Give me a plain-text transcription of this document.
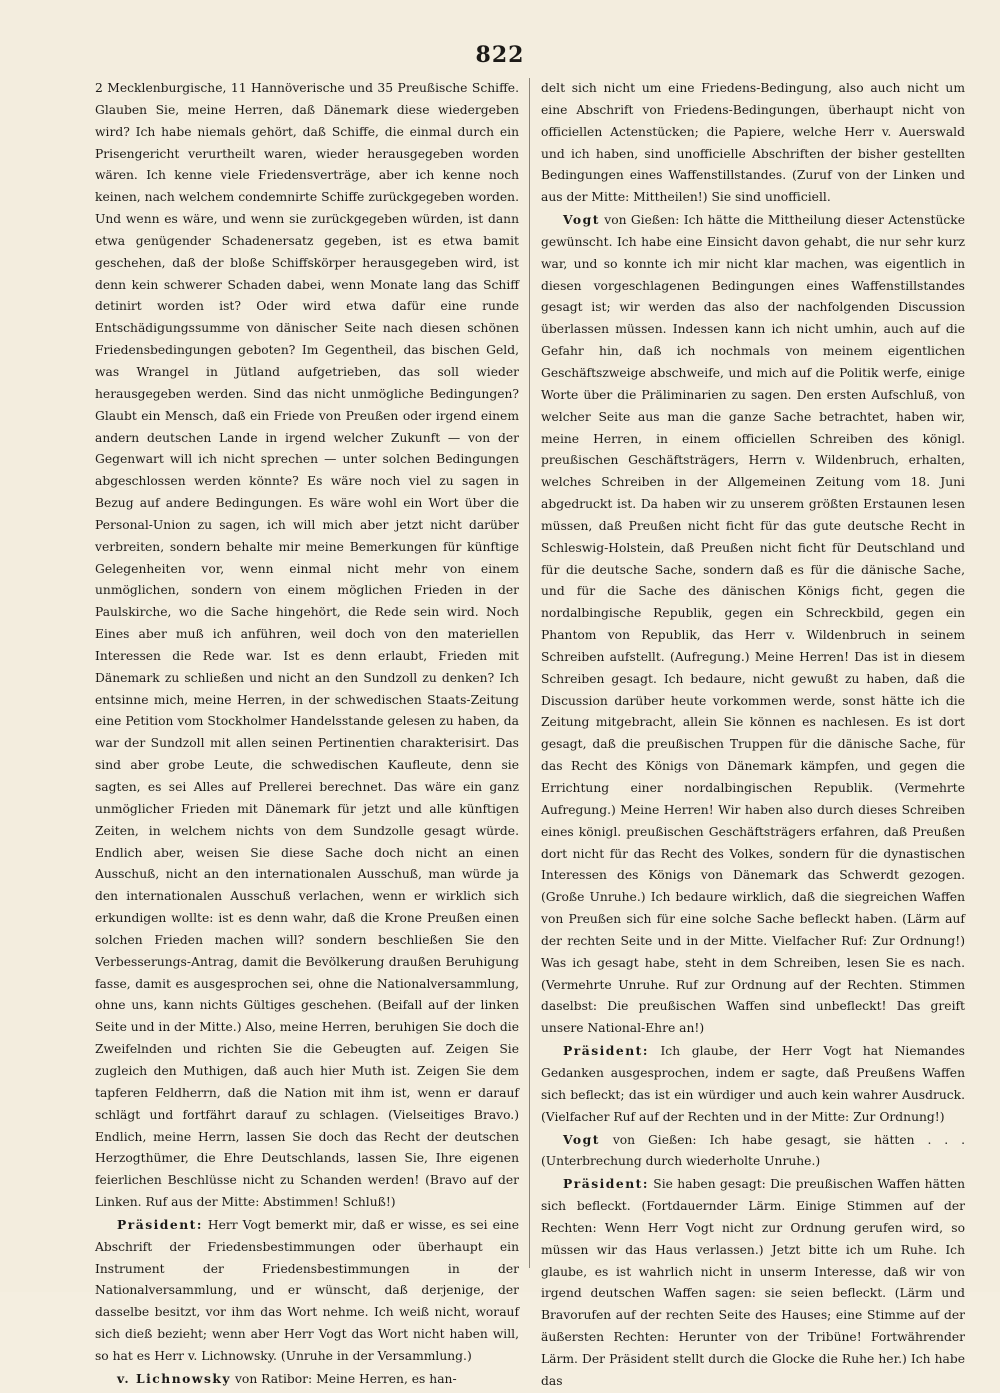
822

2 Mecklenburgische, 11 Hannöverische und 35 Preußische Schiffe. Glauben Sie, meine Herren, daß Dänemark diese wiedergeben wird? Ich habe niemals gehört, daß Schiffe, die einmal durch ein Prisengericht verurtheilt waren, wieder herausgegeben worden wären. Ich kenne viele Friedensverträge, aber ich kenne noch keinen, nach welchem condemnirte Schiffe zurückgegeben worden. Und wenn es wäre, und wenn sie zurückgegeben würden, ist dann etwa genügender Schadenersatz gegeben, ist es etwa bamit geschehen, daß der bloße Schiffskörper herausgegeben wird, ist denn kein schwerer Schaden dabei, wenn Monate lang das Schiff detinirt worden ist? Oder wird etwa dafür eine runde Entschädigungssumme von dänischer Seite nach diesen schönen Friedensbedingungen geboten? Im Gegentheil, das bischen Geld, was Wrangel in Jütland aufgetrieben, das soll wieder herausgegeben werden. Sind das nicht unmögliche Bedingungen? Glaubt ein Mensch, daß ein Friede von Preußen oder irgend einem andern deutschen Lande in irgend welcher Zukunft — von der Gegenwart will ich nicht sprechen — unter solchen Bedingungen abgeschlossen werden könnte? Es wäre noch viel zu sagen in Bezug auf andere Bedingungen. Es wäre wohl ein Wort über die Personal-Union zu sagen, ich will mich aber jetzt nicht darüber verbreiten, sondern behalte mir meine Bemerkungen für künftige Gelegenheiten vor, wenn einmal nicht mehr von einem unmöglichen, sondern von einem möglichen Frieden in der Paulskirche, wo die Sache hingehört, die Rede sein wird. Noch Eines aber muß ich anführen, weil doch von den materiellen Interessen die Rede war. Ist es denn erlaubt, Frieden mit Dänemark zu schließen und nicht an den Sundzoll zu denken? Ich entsinne mich, meine Herren, in der schwedischen Staats-Zeitung eine Petition vom Stockholmer Handelsstande gelesen zu haben, da war der Sundzoll mit allen seinen Pertinentien charakterisirt. Das sind aber grobe Leute, die schwedischen Kaufleute, denn sie sagten, es sei Alles auf Prellerei berechnet. Das wäre ein ganz unmöglicher Frieden mit Dänemark für jetzt und alle künftigen Zeiten, in welchem nichts von dem Sundzolle gesagt würde. Endlich aber, weisen Sie diese Sache doch nicht an einen Ausschuß, nicht an den internationalen Ausschuß, man würde ja den internationalen Ausschuß verlachen, wenn er wirklich sich erkundigen wollte: ist es denn wahr, daß die Krone Preußen einen solchen Frieden machen will? sondern beschließen Sie den Verbesserungs-Antrag, damit die Bevölkerung draußen Beruhigung fasse, damit es ausgesprochen sei, ohne die Nationalversammlung, ohne uns, kann nichts Gültiges geschehen. (Beifall auf der linken Seite und in der Mitte.) Also, meine Herren, beruhigen Sie doch die Zweifelnden und richten Sie die Gebeugten auf. Zeigen Sie zugleich den Muthigen, daß auch hier Muth ist. Zeigen Sie dem tapferen Feldherrn, daß die Nation mit ihm ist, wenn er darauf schlägt und fortfährt darauf zu schlagen. (Vielseitiges Bravo.) Endlich, meine Herrn, lassen Sie doch das Recht der deutschen Herzogthümer, die Ehre Deutschlands, lassen Sie, Ihre eigenen feierlichen Beschlüsse nicht zu Schanden werden! (Bravo auf der Linken. Ruf aus der Mitte: Abstimmen! Schluß!)

Präsident: Herr Vogt bemerkt mir, daß er wisse, es sei eine Abschrift der Friedensbestimmungen oder überhaupt ein Instrument der Friedensbestimmungen in der Nationalversammlung, und er wünscht, daß derjenige, der dasselbe besitzt, vor ihm das Wort nehme. Ich weiß nicht, worauf sich dieß bezieht; wenn aber Herr Vogt das Wort nicht haben will, so hat es Herr v. Lichnowsky. (Unruhe in der Versammlung.)

v. Lichnowsky von Ratibor: Meine Herren, es han-

delt sich nicht um eine Friedens-Bedingung, also auch nicht um eine Abschrift von Friedens-Bedingungen, überhaupt nicht von officiellen Actenstücken; die Papiere, welche Herr v. Auerswald und ich haben, sind unofficielle Abschriften der bisher gestellten Bedingungen eines Waffenstillstandes. (Zuruf von der Linken und aus der Mitte: Mittheilen!) Sie sind unofficiell.

Vogt von Gießen: Ich hätte die Mittheilung dieser Actenstücke gewünscht. Ich habe eine Einsicht davon gehabt, die nur sehr kurz war, und so konnte ich mir nicht klar machen, was eigentlich in diesen vorgeschlagenen Bedingungen eines Waffenstillstandes gesagt ist; wir werden das also der nachfolgenden Discussion überlassen müssen. Indessen kann ich nicht umhin, auch auf die Gefahr hin, daß ich nochmals von meinem eigentlichen Geschäftszweige abschweife, und mich auf die Politik werfe, einige Worte über die Präliminarien zu sagen. Den ersten Aufschluß, von welcher Seite aus man die ganze Sache betrachtet, haben wir, meine Herren, in einem officiellen Schreiben des königl. preußischen Geschäftsträgers, Herrn v. Wildenbruch, erhalten, welches Schreiben in der Allgemeinen Zeitung vom 18. Juni abgedruckt ist. Da haben wir zu unserem größten Erstaunen lesen müssen, daß Preußen nicht ficht für das gute deutsche Recht in Schleswig-Holstein, daß Preußen nicht ficht für Deutschland und für die deutsche Sache, sondern daß es für die dänische Sache, und für die Sache des dänischen Königs ficht, gegen die nordalbingische Republik, gegen ein Schreckbild, gegen ein Phantom von Republik, das Herr v. Wildenbruch in seinem Schreiben aufstellt. (Aufregung.) Meine Herren! Das ist in diesem Schreiben gesagt. Ich bedaure, nicht gewußt zu haben, daß die Discussion darüber heute vorkommen werde, sonst hätte ich die Zeitung mitgebracht, allein Sie können es nachlesen. Es ist dort gesagt, daß die preußischen Truppen für die dänische Sache, für das Recht des Königs von Dänemark kämpfen, und gegen die Errichtung einer nordalbingischen Republik. (Vermehrte Aufregung.) Meine Herren! Wir haben also durch dieses Schreiben eines königl. preußischen Geschäftsträgers erfahren, daß Preußen dort nicht für das Recht des Volkes, sondern für die dynastischen Interessen des Königs von Dänemark das Schwerdt gezogen. (Große Unruhe.) Ich bedaure wirklich, daß die siegreichen Waffen von Preußen sich für eine solche Sache befleckt haben. (Lärm auf der rechten Seite und in der Mitte. Vielfacher Ruf: Zur Ordnung!) Was ich gesagt habe, steht in dem Schreiben, lesen Sie es nach. (Vermehrte Unruhe. Ruf zur Ordnung auf der Rechten. Stimmen daselbst: Die preußischen Waffen sind unbefleckt! Das greift unsere National-Ehre an!)

Präsident: Ich glaube, der Herr Vogt hat Niemandes Gedanken ausgesprochen, indem er sagte, daß Preußens Waffen sich befleckt; das ist ein würdiger und auch kein wahrer Ausdruck. (Vielfacher Ruf auf der Rechten und in der Mitte: Zur Ordnung!)

Vogt von Gießen: Ich habe gesagt, sie hätten . . . (Unterbrechung durch wiederholte Unruhe.)

Präsident: Sie haben gesagt: Die preußischen Waffen hätten sich befleckt. (Fortdauernder Lärm. Einige Stimmen auf der Rechten: Wenn Herr Vogt nicht zur Ordnung gerufen wird, so müssen wir das Haus verlassen.) Jetzt bitte ich um Ruhe. Ich glaube, es ist wahrlich nicht in unserm Interesse, daß wir von irgend deutschen Waffen sagen: sie seien befleckt. (Lärm und Bravorufen auf der rechten Seite des Hauses; eine Stimme auf der äußersten Rechten: Herunter von der Tribüne! Fortwährender Lärm. Der Präsident stellt durch die Glocke die Ruhe her.) Ich habe das
